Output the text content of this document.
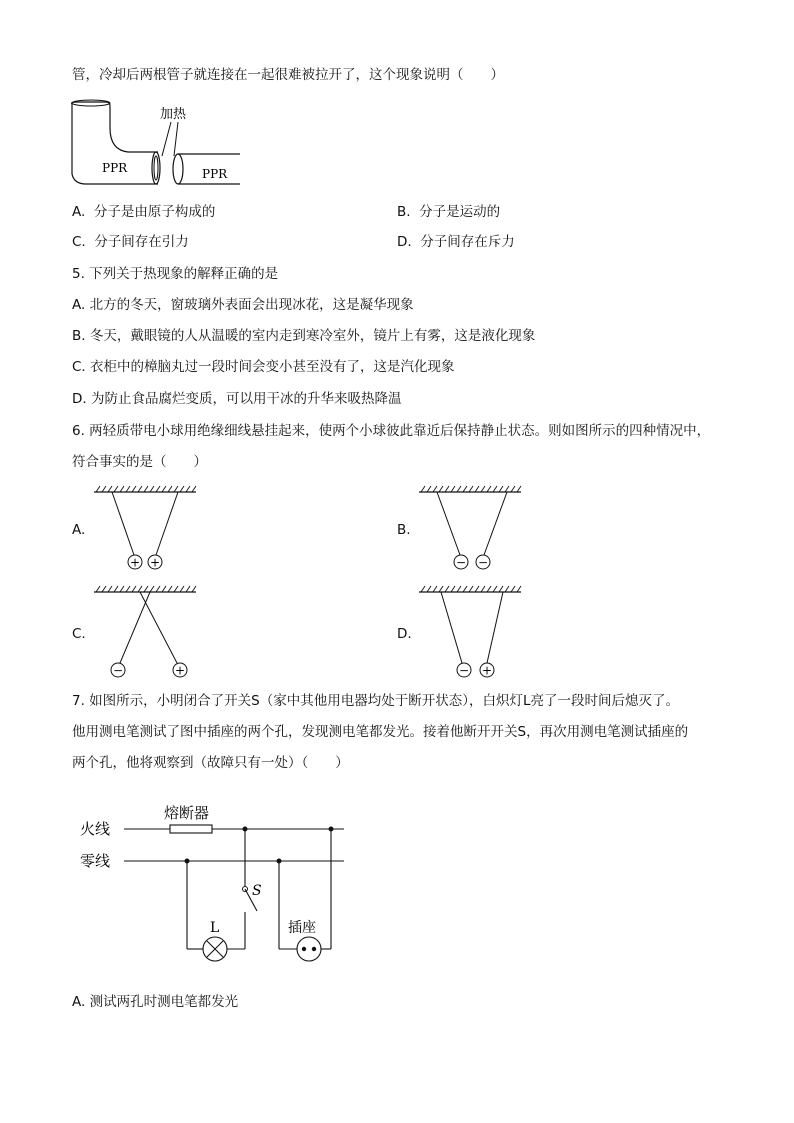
管，冷却后两根管子就连接在一起很难被拉开了，这个现象说明（　　）
加热
PPR	PPR
A. 分子是由原子构成的	B. 分子是运动的
C. 分子间存在引力	D. 分子间存在斥力
5. 下列关于热现象的解释正确的是
A. 北方的冬天，窗玻璃外表面会出现冰花，这是凝华现象
B. 冬天，戴眼镜的人从温暖的室内走到寒冷室外，镜片上有雾，这是液化现象
C. 衣柜中的樟脑丸过一段时间会变小甚至没有了，这是汽化现象
D. 为防止食品腐烂变质，可以用干冰的升华来吸热降温
6. 两轻质带电小球用绝缘细线悬挂起来，使两个小球彼此靠近后保持静止状态。则如图所示的四种情况中，
符合事实的是（　　）
A.	B.
C.	D.
+ +	− −
−	+	− +
7. 如图所示，小明闭合了开关S（家中其他用电器均处于断开状态），白炽灯L亮了一段时间后熄灭了。
他用测电笔测试了图中插座的两个孔，发现测电笔都发光。接着他断开开关S，再次用测电笔测试插座的
两个孔，他将观察到（故障只有一处）（　　）
火线
零线
熔断器
S
L	插座
A. 测试两孔时测电笔都发光
